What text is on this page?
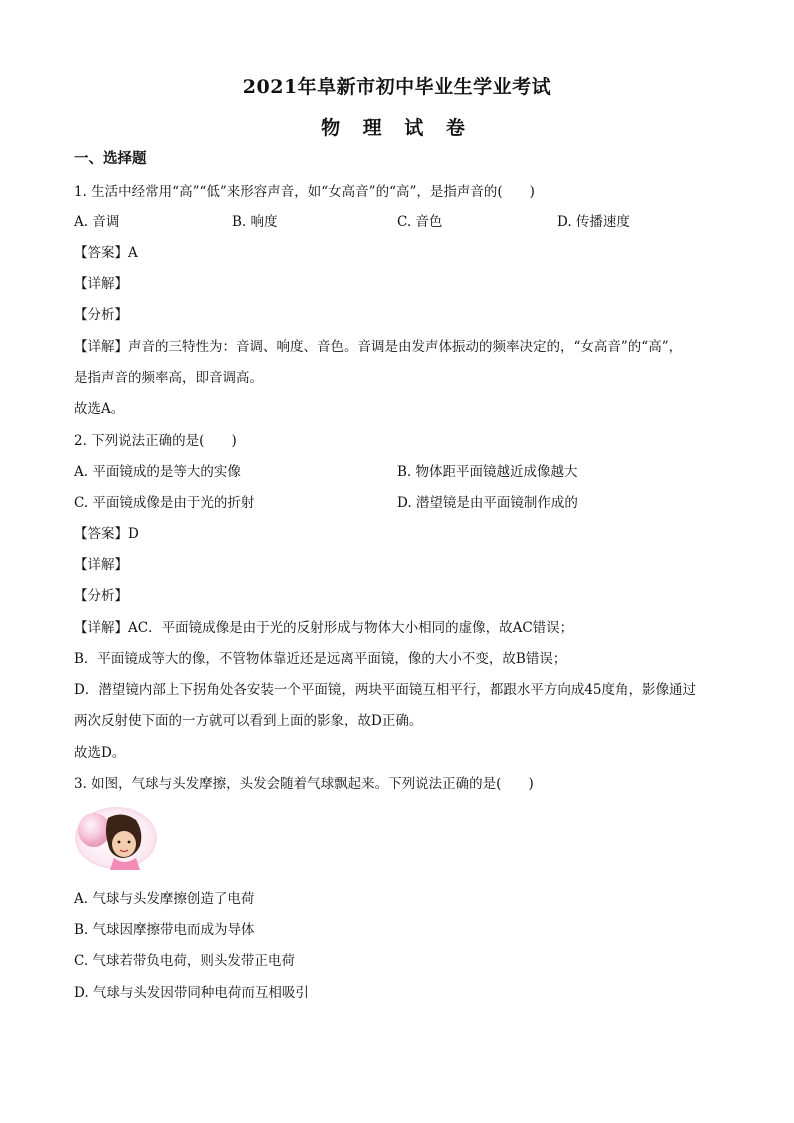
2021年阜新市初中毕业生学业考试
物 理 试 卷
一、选择题
1. 生活中经常用“高”“低”来形容声音，如“女高音”的“高”，是指声音的(　　)
A. 音调	B. 响度	C. 音色	D. 传播速度
【答案】A
【详解】
【分析】
【详解】声音的三特性为：音调、响度、音色。音调是由发声体振动的频率决定的，“女高音”的“高”，
是指声音的频率高，即音调高。
故选A。
2. 下列说法正确的是(　　)
A. 平面镜成的是等大的实像	B. 物体距平面镜越近成像越大
C. 平面镜成像是由于光的折射	D. 潜望镜是由平面镜制作成的
【答案】D
【详解】
【分析】
【详解】AC．平面镜成像是由于光的反射形成与物体大小相同的虚像，故AC错误；
B．平面镜成等大的像，不管物体靠近还是远离平面镜，像的大小不变，故B错误；
D．潜望镜内部上下拐角处各安装一个平面镜，两块平面镜互相平行，都跟水平方向成45度角，影像通过
两次反射使下面的一方就可以看到上面的影象，故D正确。
故选D。
3. 如图，气球与头发摩擦，头发会随着气球飘起来。下列说法正确的是(　　)
A. 气球与头发摩擦创造了电荷
B. 气球因摩擦带电而成为导体
C. 气球若带负电荷，则头发带正电荷
D. 气球与头发因带同种电荷而互相吸引
